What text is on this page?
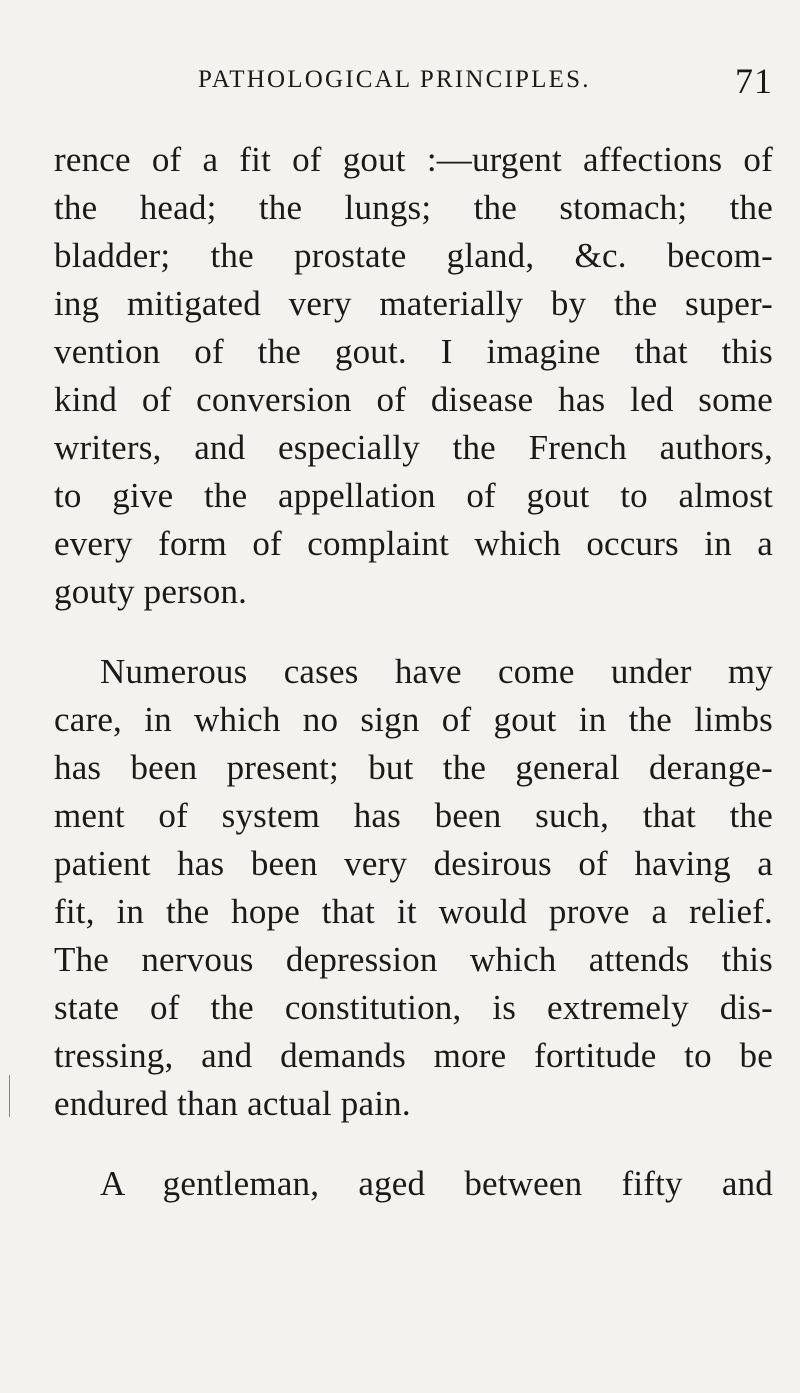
PATHOLOGICAL PRINCIPLES.	71
rence of a fit of gout :—urgent affections of
the head; the lungs; the stomach; the
bladder; the prostate gland, &c. becom-
ing mitigated very materially by the super-
vention of the gout. I imagine that this
kind of conversion of disease has led some
writers, and especially the French authors,
to give the appellation of gout to almost
every form of complaint which occurs in a
gouty person.
Numerous cases have come under my
care, in which no sign of gout in the limbs
has been present; but the general derange-
ment of system has been such, that the
patient has been very desirous of having a
fit, in the hope that it would prove a relief.
The nervous depression which attends this
state of the constitution, is extremely dis-
tressing, and demands more fortitude to be
endured than actual pain.
A gentleman, aged between fifty and
